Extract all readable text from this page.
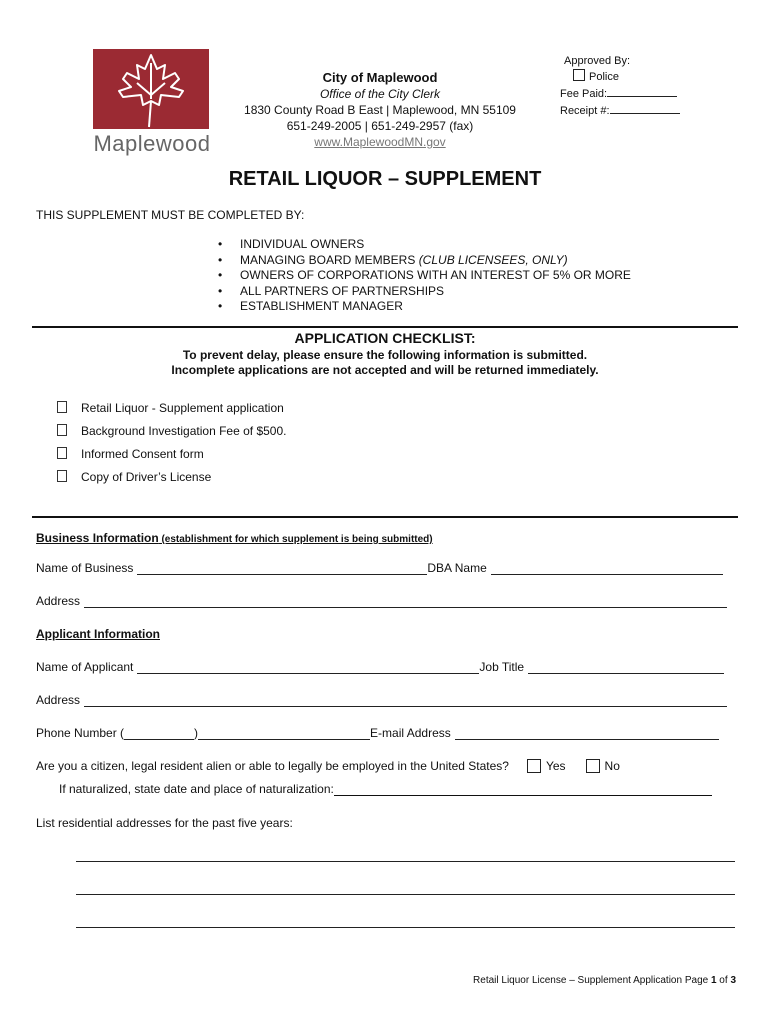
Maplewood
City of Maplewood
Office of the City Clerk
1830 County Road B East | Maplewood, MN 55109
651-249-2005 | 651-249-2957 (fax)
www.MaplewoodMN.gov
Approved By:
Police
Fee Paid:
Receipt #:
RETAIL LIQUOR – SUPPLEMENT
THIS SUPPLEMENT MUST BE COMPLETED BY:
• INDIVIDUAL OWNERS
• MANAGING BOARD MEMBERS (CLUB LICENSEES, ONLY)
• OWNERS OF CORPORATIONS WITH AN INTEREST OF 5% OR MORE
• ALL PARTNERS OF PARTNERSHIPS
• ESTABLISHMENT MANAGER
APPLICATION CHECKLIST:
To prevent delay, please ensure the following information is submitted.
Incomplete applications are not accepted and will be returned immediately.
Retail Liquor - Supplement application
Background Investigation Fee of $500.
Informed Consent form
Copy of Driver’s License
Business Information (establishment for which supplement is being submitted)
Name of Business	DBA Name
Address
Applicant Information
Name of Applicant	Job Title
Address
Phone Number (	)	E-mail Address
Are you a citizen, legal resident alien or able to legally be employed in the United States?	Yes	No
If naturalized, state date and place of naturalization:
List residential addresses for the past five years:
Retail Liquor License – Supplement Application Page 1 of 3
